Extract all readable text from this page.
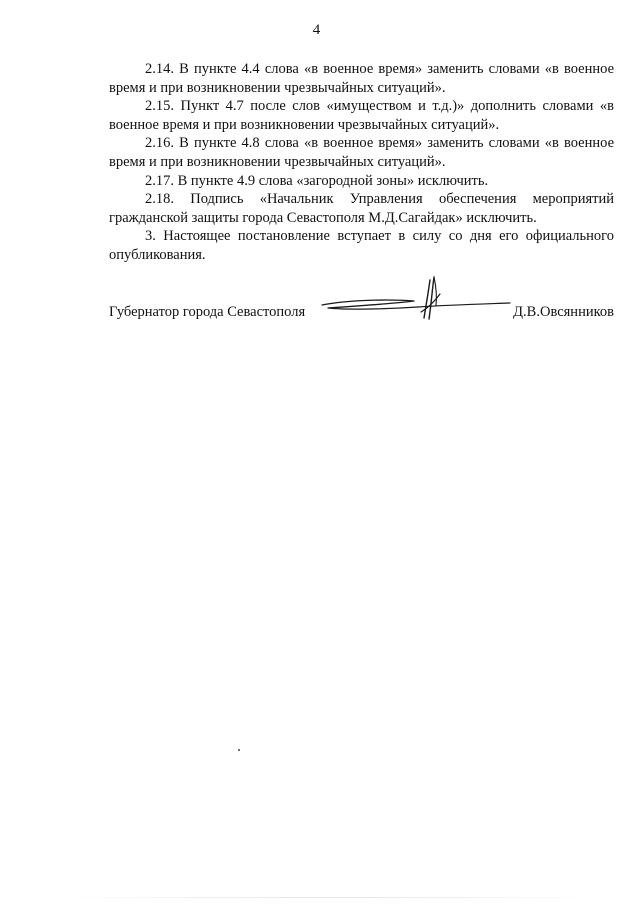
4

2.14. В пункте 4.4 слова «в военное время» заменить словами «в военное время и при возникновении чрезвычайных ситуаций».

2.15. Пункт 4.7 после слов «имуществом и т.д.)» дополнить словами «в военное время и при возникновении чрезвычайных ситуаций».

2.16. В пункте 4.8 слова «в военное время» заменить словами «в военное время и при возникновении чрезвычайных ситуаций».

2.17. В пункте 4.9 слова «загородной зоны» исключить.

2.18. Подпись «Начальник Управления обеспечения мероприятий гражданской защиты города Севастополя М.Д.Сагайдак» исключить.

3. Настоящее постановление вступает в силу со дня его официального опубликования.

Губернатор города Севастополя	Д.В.Овсянников
